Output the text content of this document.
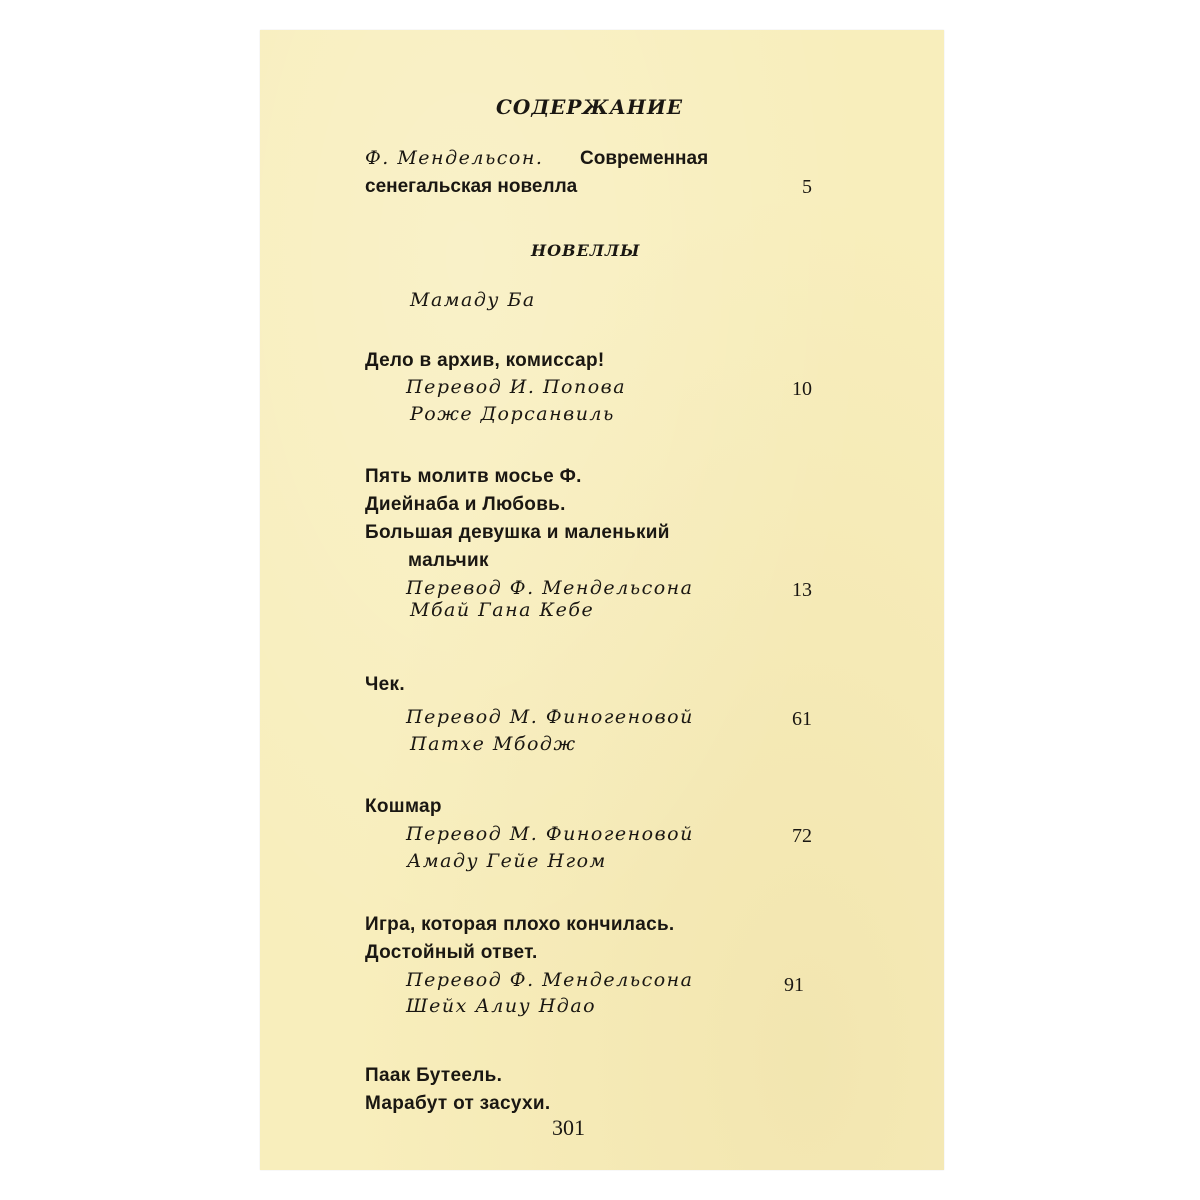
СОДЕРЖАНИЕ
Ф. Мендельсон. Современная
сенегальская новелла	5
НОВЕЛЛЫ
Мамаду Ба
Дело в архив, комиссар!
Перевод И. Попова	10
Роже Дорсанвиль
Пять молитв мосье Ф.
Диейнаба и Любовь.
Большая девушка и маленький
мальчик
Перевод Ф. Мендельсона	13
Мбай Гана Кебе
Чек.
Перевод М. Финогеновой	61
Патхе Мбодж
Кошмар
Перевод М. Финогеновой	72
Амаду Гейе Нгом
Игра, которая плохо кончилась.
Достойный ответ.
Перевод Ф. Мендельсона	91
Шейх Алиу Ндао
Паак Бутеель.
Марабут от засухи.
301
